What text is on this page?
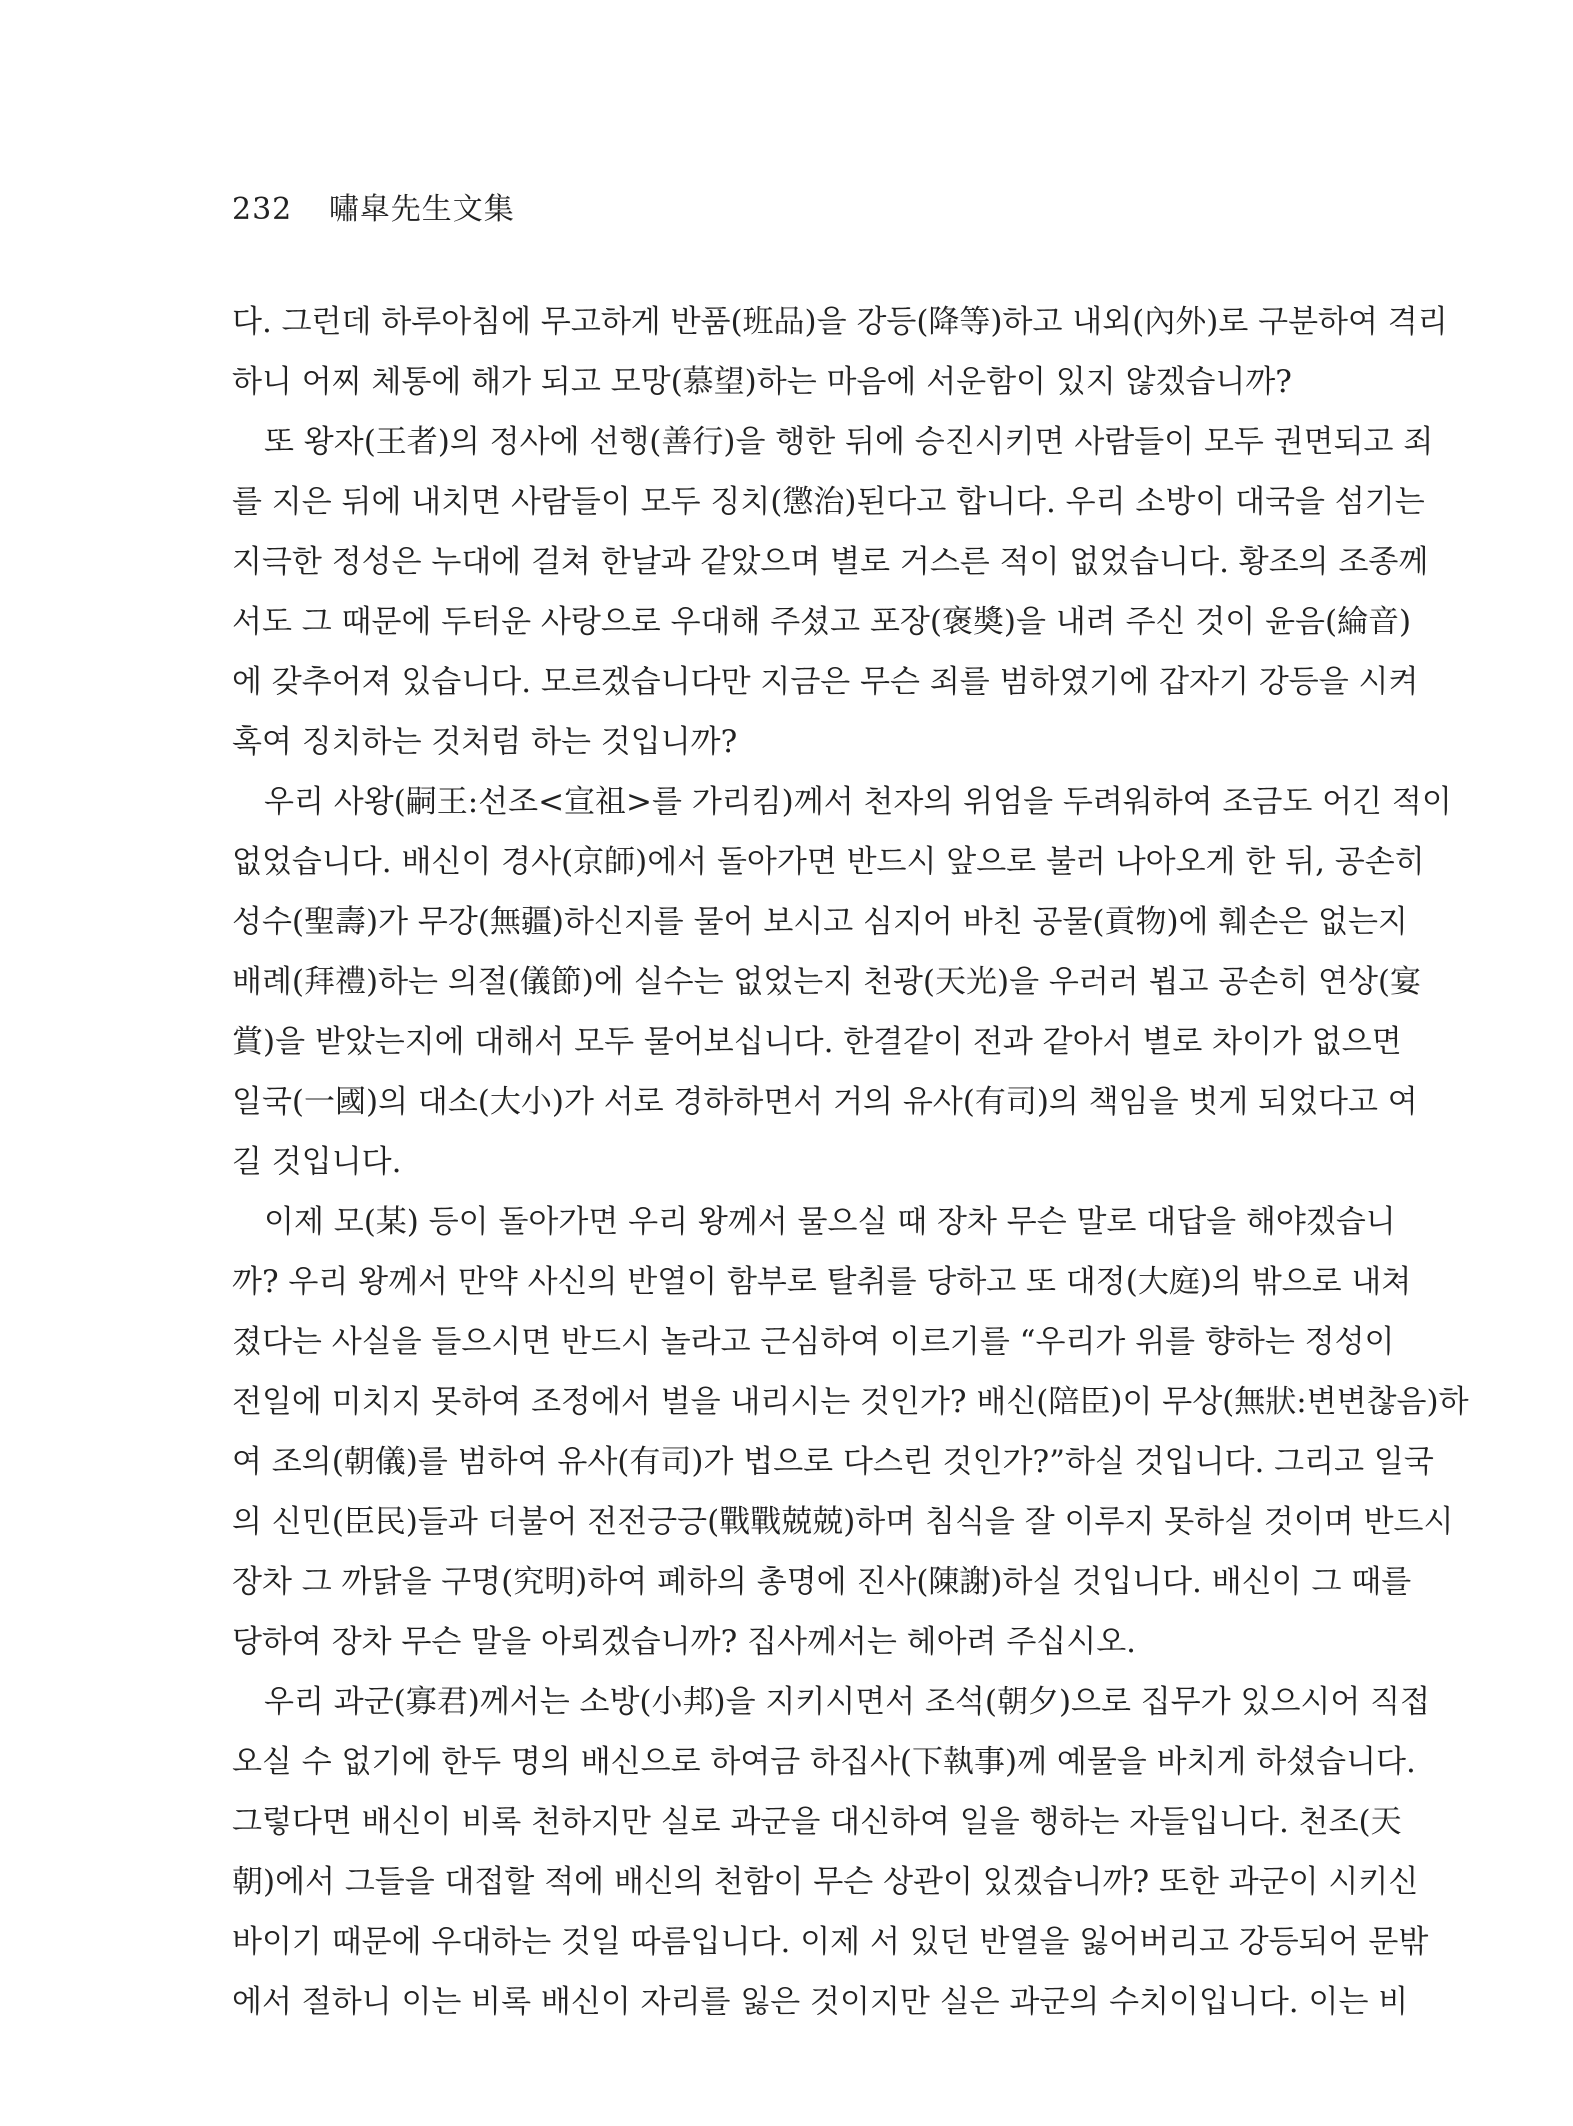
232 嘯皐先生文集
다. 그런데 하루아침에 무고하게 반품(班品)을 강등(降等)하고 내외(內外)로 구분하여 격리
하니 어찌 체통에 해가 되고 모망(慕望)하는 마음에 서운함이 있지 않겠습니까?
또 왕자(王者)의 정사에 선행(善行)을 행한 뒤에 승진시키면 사람들이 모두 권면되고 죄
를 지은 뒤에 내치면 사람들이 모두 징치(懲治)된다고 합니다. 우리 소방이 대국을 섬기는
지극한 정성은 누대에 걸쳐 한날과 같았으며 별로 거스른 적이 없었습니다. 황조의 조종께
서도 그 때문에 두터운 사랑으로 우대해 주셨고 포장(褒奬)을 내려 주신 것이 윤음(綸音)
에 갖추어져 있습니다. 모르겠습니다만 지금은 무슨 죄를 범하였기에 갑자기 강등을 시켜
혹여 징치하는 것처럼 하는 것입니까?
우리 사왕(嗣王:선조<宣祖>를 가리킴)께서 천자의 위엄을 두려워하여 조금도 어긴 적이
없었습니다. 배신이 경사(京師)에서 돌아가면 반드시 앞으로 불러 나아오게 한 뒤, 공손히
성수(聖壽)가 무강(無疆)하신지를 물어 보시고 심지어 바친 공물(貢物)에 훼손은 없는지
배례(拜禮)하는 의절(儀節)에 실수는 없었는지 천광(天光)을 우러러 뵙고 공손히 연상(宴
賞)을 받았는지에 대해서 모두 물어보십니다. 한결같이 전과 같아서 별로 차이가 없으면
일국(一國)의 대소(大小)가 서로 경하하면서 거의 유사(有司)의 책임을 벗게 되었다고 여
길 것입니다.
이제 모(某) 등이 돌아가면 우리 왕께서 물으실 때 장차 무슨 말로 대답을 해야겠습니
까? 우리 왕께서 만약 사신의 반열이 함부로 탈취를 당하고 또 대정(大庭)의 밖으로 내쳐
졌다는 사실을 들으시면 반드시 놀라고 근심하여 이르기를 “우리가 위를 향하는 정성이
전일에 미치지 못하여 조정에서 벌을 내리시는 것인가? 배신(陪臣)이 무상(無狀:변변찮음)하
여 조의(朝儀)를 범하여 유사(有司)가 법으로 다스린 것인가?”하실 것입니다. 그리고 일국
의 신민(臣民)들과 더불어 전전긍긍(戰戰兢兢)하며 침식을 잘 이루지 못하실 것이며 반드시
장차 그 까닭을 구명(究明)하여 폐하의 총명에 진사(陳謝)하실 것입니다. 배신이 그 때를
당하여 장차 무슨 말을 아뢰겠습니까? 집사께서는 헤아려 주십시오.
우리 과군(寡君)께서는 소방(小邦)을 지키시면서 조석(朝夕)으로 집무가 있으시어 직접
오실 수 없기에 한두 명의 배신으로 하여금 하집사(下執事)께 예물을 바치게 하셨습니다.
그렇다면 배신이 비록 천하지만 실로 과군을 대신하여 일을 행하는 자들입니다. 천조(天
朝)에서 그들을 대접할 적에 배신의 천함이 무슨 상관이 있겠습니까? 또한 과군이 시키신
바이기 때문에 우대하는 것일 따름입니다. 이제 서 있던 반열을 잃어버리고 강등되어 문밖
에서 절하니 이는 비록 배신이 자리를 잃은 것이지만 실은 과군의 수치이입니다. 이는 비
